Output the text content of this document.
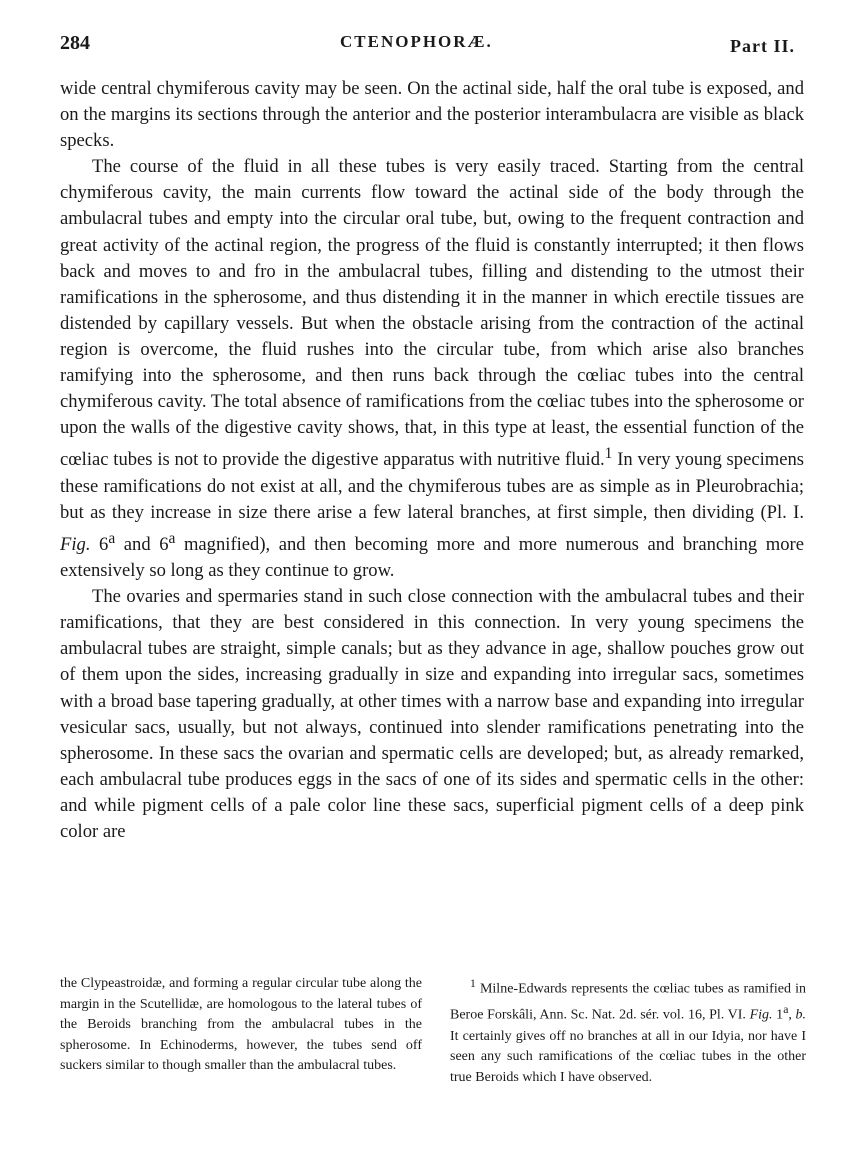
284	CTENOPHORÆ.	Part II.

wide central chymiferous cavity may be seen. On the actinal side, half the oral tube is exposed, and on the margins its sections through the anterior and the posterior interambulacra are visible as black specks.

The course of the fluid in all these tubes is very easily traced. Starting from the central chymiferous cavity, the main currents flow toward the actinal side of the body through the ambulacral tubes and empty into the circular oral tube, but, owing to the frequent contraction and great activity of the actinal region, the progress of the fluid is constantly interrupted; it then flows back and moves to and fro in the ambulacral tubes, filling and distending to the utmost their ramifications in the spherosome, and thus distending it in the manner in which erectile tissues are distended by capillary vessels. But when the obstacle arising from the contraction of the actinal region is overcome, the fluid rushes into the circular tube, from which arise also branches ramifying into the spherosome, and then runs back through the cœliac tubes into the central chymiferous cavity. The total absence of ramifications from the cœliac tubes into the spherosome or upon the walls of the digestive cavity shows, that, in this type at least, the essential function of the cœliac tubes is not to provide the digestive apparatus with nutritive fluid.$^1$ In very young specimens these ramifications do not exist at all, and the chymiferous tubes are as simple as in Pleurobrachia; but as they increase in size there arise a few lateral branches, at first simple, then dividing (Pl. I. Fig. 6$^a$ and 6$^a$ magnified), and then becoming more and more numerous and branching more extensively so long as they continue to grow.

The ovaries and spermaries stand in such close connection with the ambulacral tubes and their ramifications, that they are best considered in this connection. In very young specimens the ambulacral tubes are straight, simple canals; but as they advance in age, shallow pouches grow out of them upon the sides, increasing gradually in size and expanding into irregular sacs, sometimes with a broad base tapering gradually, at other times with a narrow base and expanding into irregular vesicular sacs, usually, but not always, continued into slender ramifications penetrating into the spherosome. In these sacs the ovarian and spermatic cells are developed; but, as already remarked, each ambulacral tube produces eggs in the sacs of one of its sides and spermatic cells in the other: and while pigment cells of a pale color line these sacs, superficial pigment cells of a deep pink color are

the Clypeastroidæ, and forming a regular circular tube along the margin in the Scutellidæ, are homologous to the lateral tubes of the Beroids branching from the ambulacral tubes in the spherosome. In Echinoderms, however, the tubes send off suckers similar to though smaller than the ambulacral tubes.

$^1$ Milne-Edwards represents the cœliac tubes as ramified in Beroe Forskâli, Ann. Sc. Nat. 2d. sér. vol. 16, Pl. VI. Fig. 1$^a$, b. It certainly gives off no branches at all in our Idyia, nor have I seen any such ramifications of the cœliac tubes in the other true Beroids which I have observed.
